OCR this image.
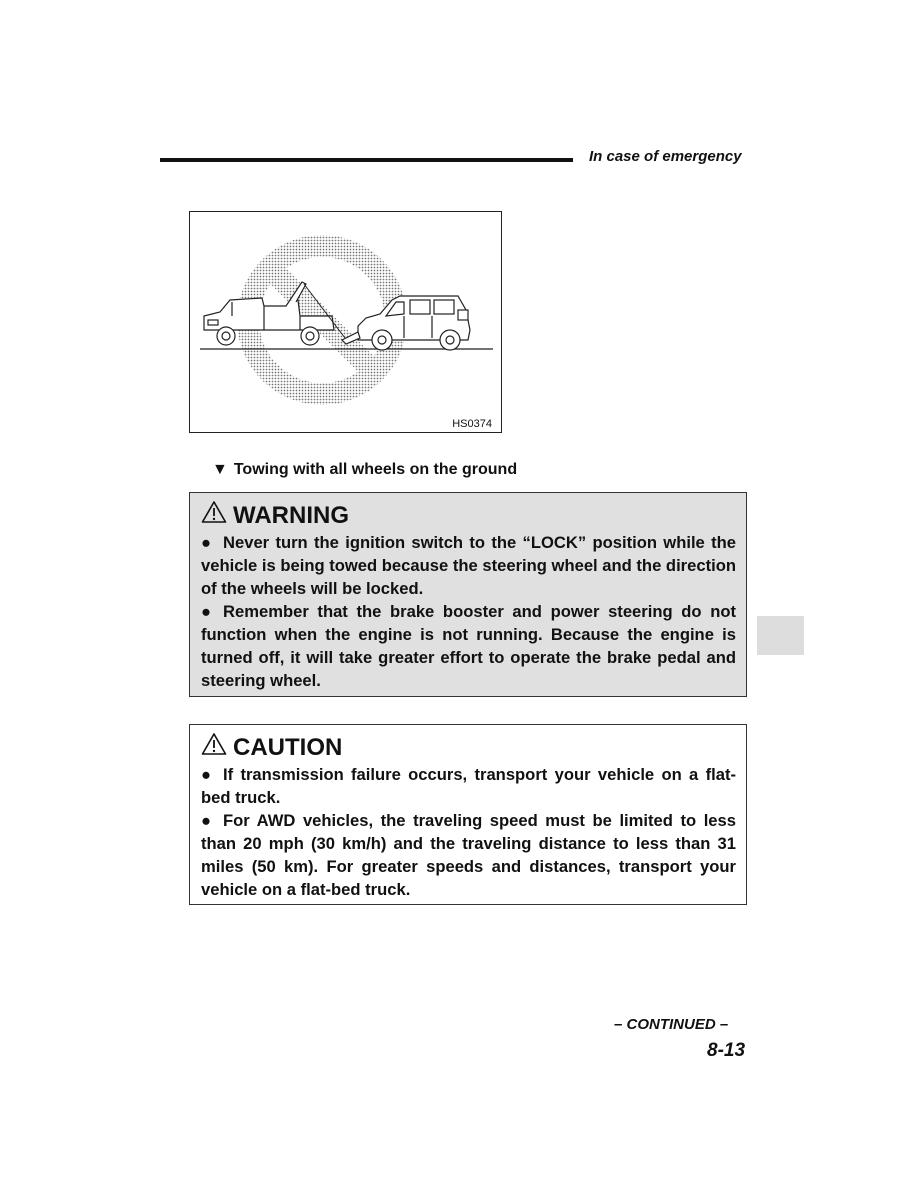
In case of emergency
HS0374
▼ Towing with all wheels on the ground
WARNING

● Never turn the ignition switch to the “LOCK” position while the vehicle is being towed because the steering wheel and the direction of the wheels will be locked.

● Remember that the brake booster and power steering do not function when the engine is not running. Because the engine is turned off, it will take greater effort to operate the brake pedal and steering wheel.

CAUTION

● If transmission failure occurs, transport your vehicle on a flat-bed truck.

● For AWD vehicles, the traveling speed must be limited to less than 20 mph (30 km/h) and the traveling distance to less than 31 miles (50 km). For greater speeds and distances, transport your vehicle on a flat-bed truck.

– CONTINUED –
8-13
